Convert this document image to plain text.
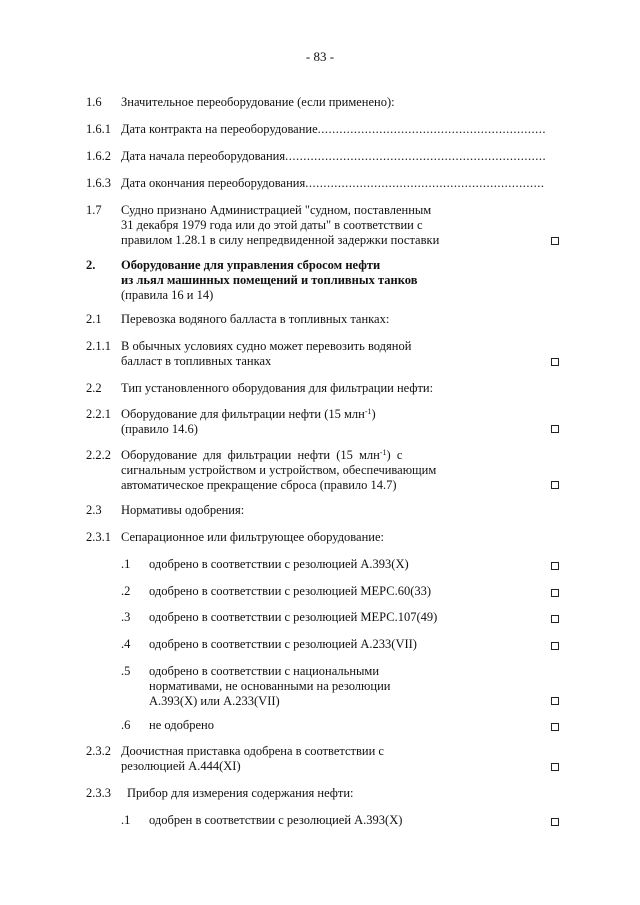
- 83 -
1.6 Значительное переоборудование (если применено):
1.6.1 Дата контракта на переоборудование
.....
1.6.2 Дата начала переоборудования
.....
1.6.3 Дата окончания переоборудования
.....
1.7 Судно признано Администрацией "судном, поставленным
31 декабря 1979 года или до этой даты" в соответствии с
правилом 1.28.1 в силу непредвиденной задержки поставки
2. Оборудование для управления сбросом нефти
из льял машинных помещений и топливных танков
(правила 16 и 14)
2.1 Перевозка водяного балласта в топливных танках:
2.1.1 В обычных условиях судно может перевозить водяной
балласт в топливных танках
2.2 Тип установленного оборудования для фильтрации нефти:
2.2.1 Оборудование для фильтрации нефти (15 млн$^{-1}$)
(правило 14.6)
2.2.2 Оборудование для фильтрации нефти (15 млн$^{-1}$) с
сигнальным устройством и устройством, обеспечивающим
автоматическое прекращение сброса (правило 14.7)
2.3 Нормативы одобрения:
2.3.1 Сепарационное или фильтрующее оборудование:
.1 одобрено в соответствии с резолюцией A.393(X)
.2 одобрено в соответствии с резолюцией МЕРС.60(33)
.3 одобрено в соответствии с резолюцией МЕРС.107(49)
.4 одобрено в соответствии с резолюцией A.233(VII)
.5 одобрено в соответствии с национальными
нормативами, не основанными на резолюции
A.393(X) или A.233(VII)
.6 не одобрено
2.3.2 Доочистная приставка одобрена в соответствии с
резолюцией A.444(XI)
2.3.3 Прибор для измерения содержания нефти:
.1 одобрен в соответствии с резолюцией A.393(X)
